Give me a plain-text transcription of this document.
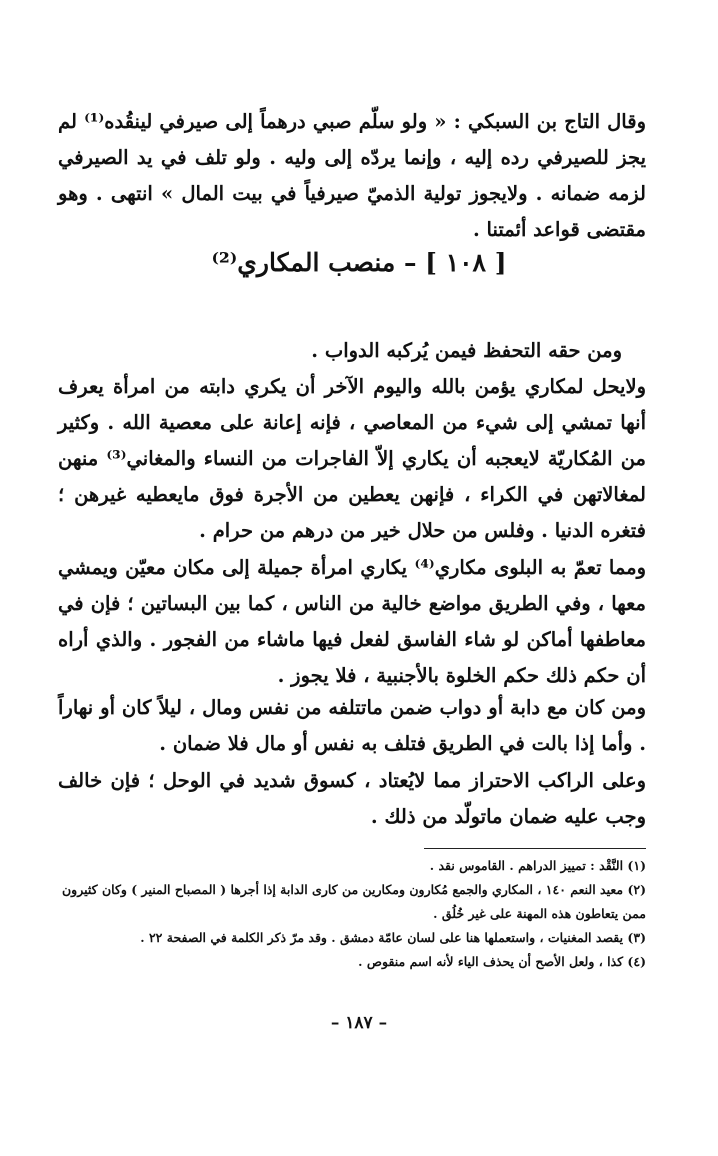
وقال التاج بن السبكي : « ولو سلّم صبي درهماً إلى صيرفي لينقُده⁽¹⁾ لم يجز للصيرفي رده إليه ، وإنما يردّه إلى وليه . ولو تلف في يد الصيرفي لزمه ضمانه . ولايجوز تولية الذميّ صيرفياً في بيت المال » انتهى . وهو مقتضى قواعد أئمتنا .

[ ١٠٨ ] – منصب المكاري⁽²⁾

ومن حقه التحفظ فيمن يُركبه الدواب .

ولايحل لمكاري يؤمن بالله واليوم الآخر أن يكري دابته من امرأة يعرف أنها تمشي إلى شيء من المعاصي ، فإنه إعانة على معصية الله . وكثير من المُكاريّة لايعجبه أن يكاري إلاّ الفاجرات من النساء والمغاني⁽³⁾ منهن لمغالاتهن في الكراء ، فإنهن يعطين من الأجرة فوق مايعطيه غيرهن ؛ فتغره الدنيا . وفلس من حلال خير من درهم من حرام .

ومما تعمّ به البلوى مكاري⁽⁴⁾ يكاري امرأة جميلة إلى مكان معيّن ويمشي معها ، وفي الطريق مواضع خالية من الناس ، كما بين البساتين ؛ فإن في معاطفها أماكن لو شاء الفاسق لفعل فيها ماشاء من الفجور . والذي أراه أن حكم ذلك حكم الخلوة بالأجنبية ، فلا يجوز .

ومن كان مع دابة أو دواب ضمن ماتتلفه من نفس ومال ، ليلاً كان أو نهاراً . وأما إذا بالت في الطريق فتلف به نفس أو مال فلا ضمان .

وعلى الراكب الاحتراز مما لايُعتاد ، كسوق شديد في الوحل ؛ فإن خالف وجب عليه ضمان ماتولّد من ذلك .

(١) النَّقْد : تمييز الدراهم . القاموس نقد .
(٢) معيد النعم ١٤٠ ، المكاري والجمع مُكارون ومكارين من كارى الدابة إذا أجرها ( المصباح المنير ) وكان كثيرون ممن يتعاطون هذه المهنة على غير خُلُق .
(٣) يقصد المغنيات ، واستعملها هنا على لسان عامّة دمشق . وقد مرّ ذكر الكلمة في الصفحة ٢٢ .
(٤) كذا ، ولعل الأصح أن يحذف الياء لأنه اسم منقوص .
– ١٨٧ –
